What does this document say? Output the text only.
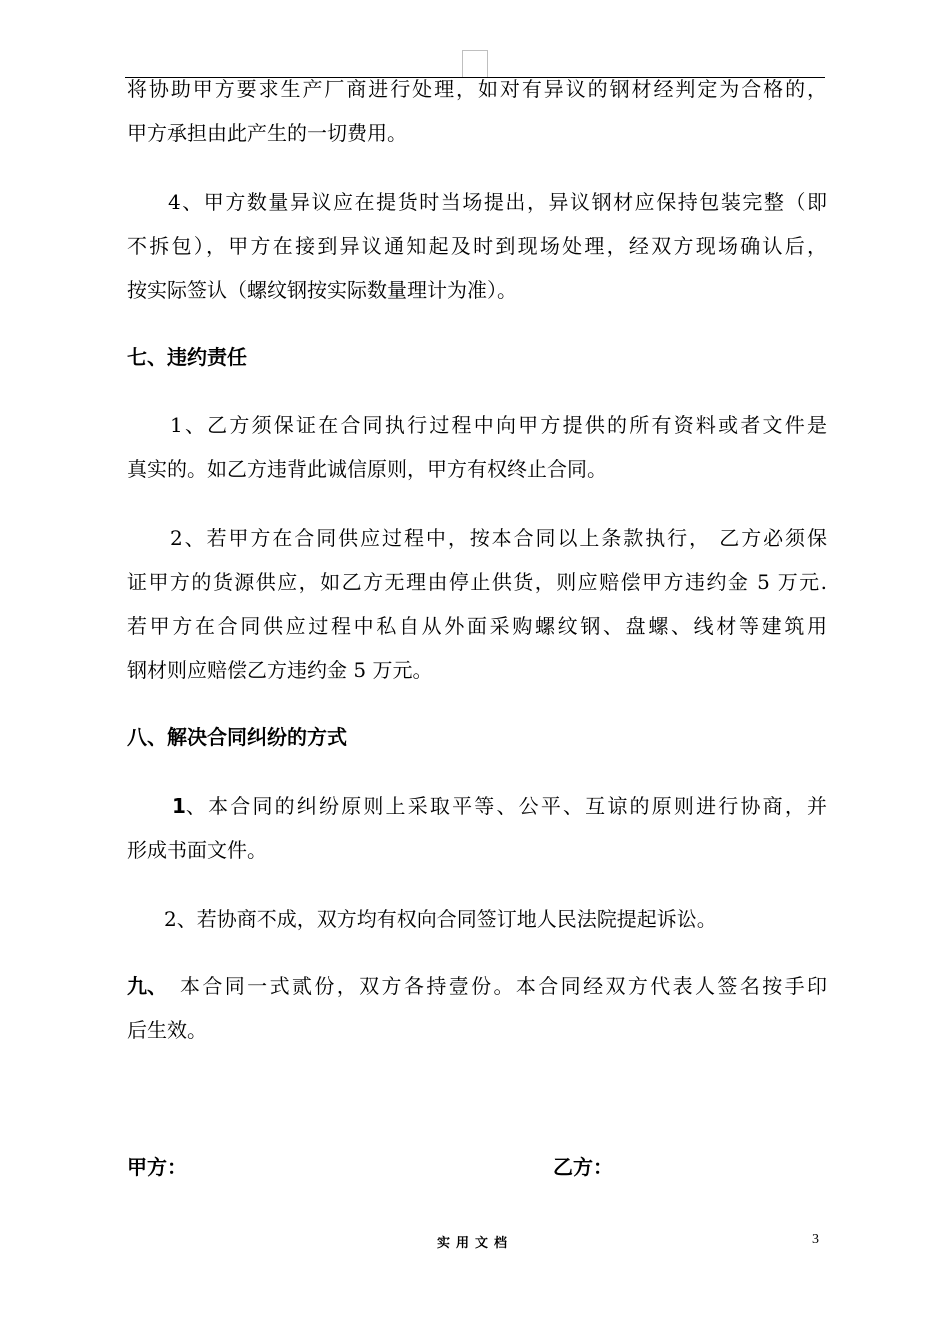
将协助甲方要求生产厂商进行处理，如对有异议的钢材经判定为合格的，
甲方承担由此产生的一切费用。
4、甲方数量异议应在提货时当场提出，异议钢材应保持包装完整（即
不拆包），甲方在接到异议通知起及时到现场处理，经双方现场确认后，
按实际签认（螺纹钢按实际数量理计为准）。
七、违约责任
1、乙方须保证在合同执行过程中向甲方提供的所有资料或者文件是
真实的。如乙方违背此诚信原则，甲方有权终止合同。
2、若甲方在合同供应过程中，按本合同以上条款执行， 乙方必须保
证甲方的货源供应，如乙方无理由停止供货，则应赔偿甲方违约金 5 万元.
若甲方在合同供应过程中私自从外面采购螺纹钢、盘螺、线材等建筑用
钢材则应赔偿乙方违约金 5 万元。
八、解决合同纠纷的方式
1 、本合同的纠纷原则上采取平等、公平、互谅的原则进行协商，并
形成书面文件。
2、若协商不成，双方均有权向合同签订地人民法院提起诉讼。
九、 本合同一式贰份，双方各持壹份。本合同经双方代表人签名按手印
后生效。
甲方：	乙方：
实用文档	3
